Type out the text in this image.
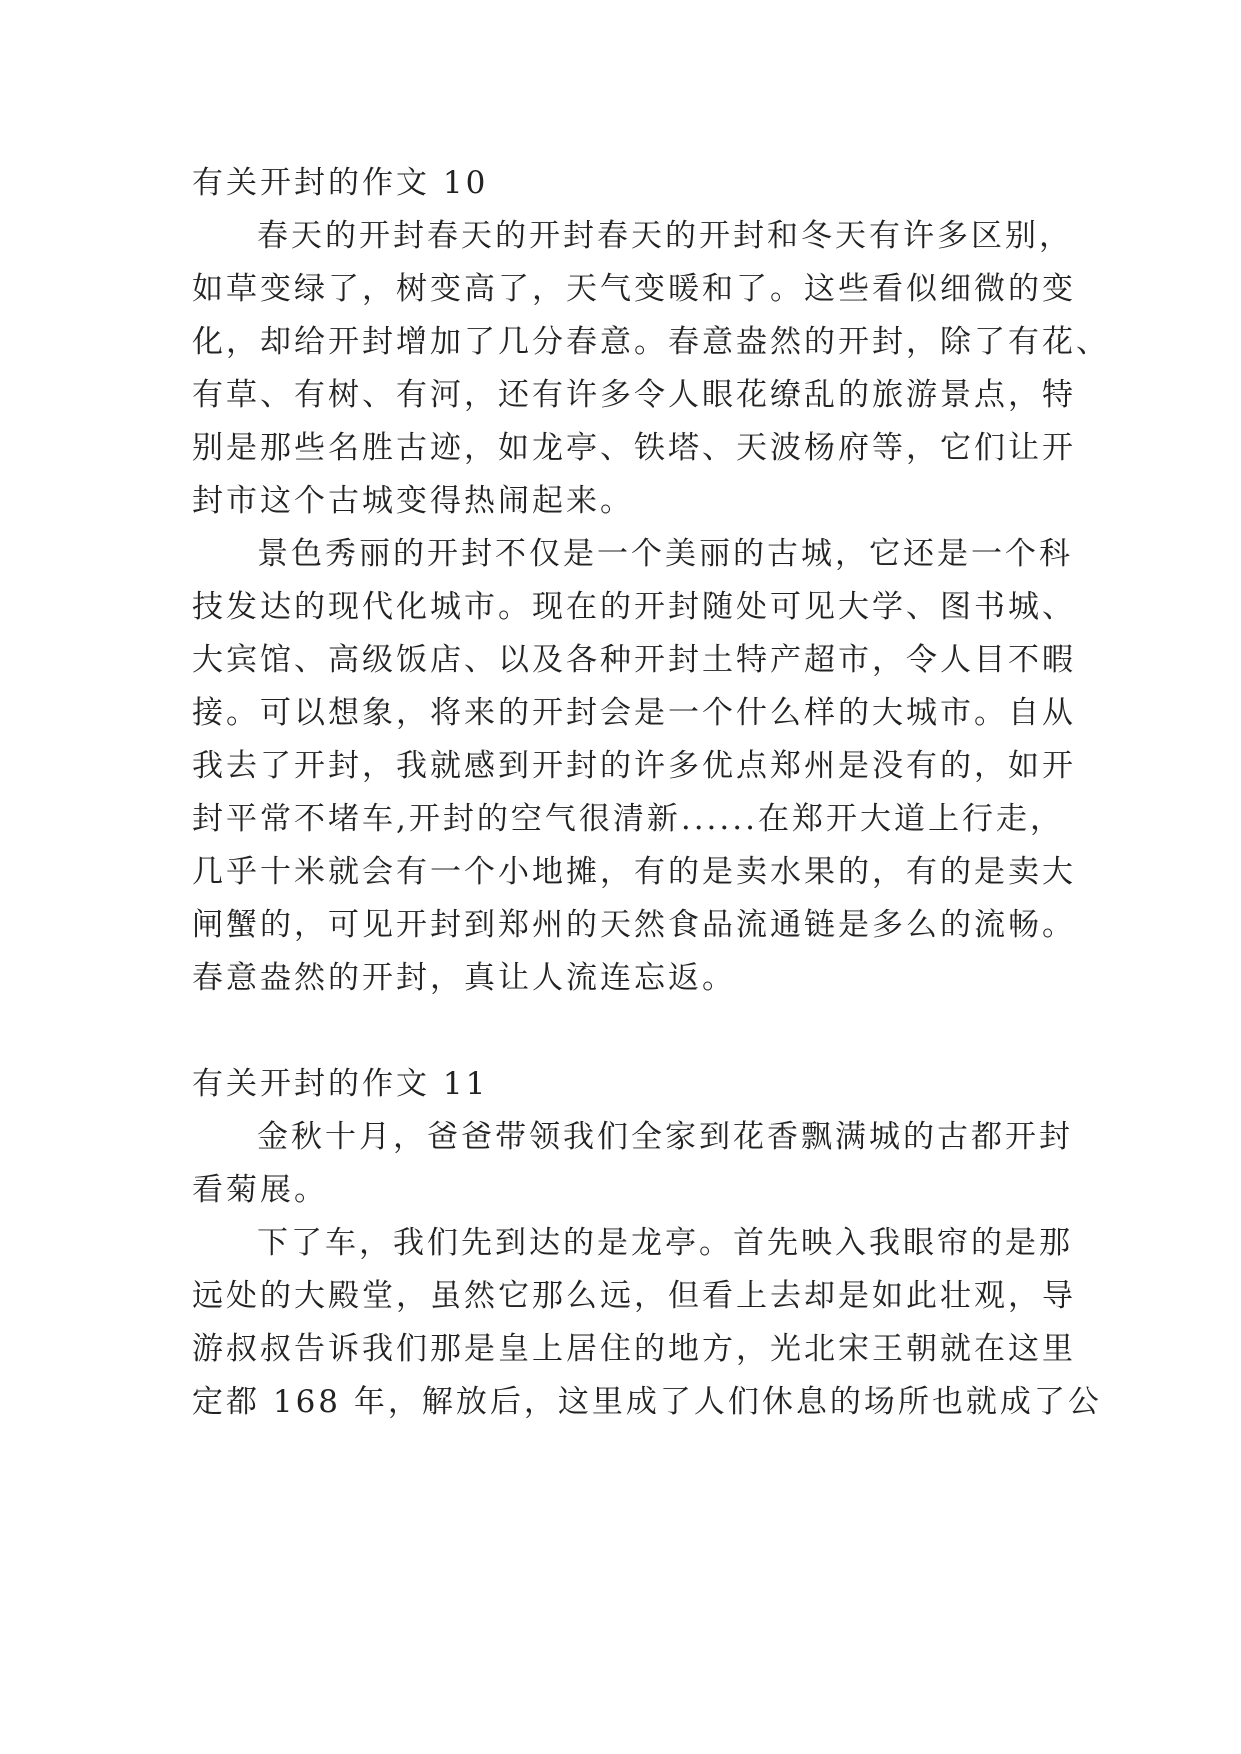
有关开封的作文 10
春天的开封春天的开封春天的开封和冬天有许多区别，
如草变绿了，树变高了，天气变暖和了。这些看似细微的变
化，却给开封增加了几分春意。春意盎然的开封，除了有花、
有草、有树、有河，还有许多令人眼花缭乱的旅游景点，特
别是那些名胜古迹，如龙亭、铁塔、天波杨府等，它们让开
封市这个古城变得热闹起来。
景色秀丽的开封不仅是一个美丽的古城，它还是一个科
技发达的现代化城市。现在的开封随处可见大学、图书城、
大宾馆、高级饭店、以及各种开封土特产超市，令人目不暇
接。可以想象，将来的开封会是一个什么样的大城市。自从
我去了开封，我就感到开封的许多优点郑州是没有的，如开
封平常不堵车,开封的空气很清新......在郑开大道上行走，
几乎十米就会有一个小地摊，有的是卖水果的，有的是卖大
闸蟹的，可见开封到郑州的天然食品流通链是多么的流畅。
春意盎然的开封，真让人流连忘返。
有关开封的作文 11
金秋十月，爸爸带领我们全家到花香飘满城的古都开封
看菊展。
下了车，我们先到达的是龙亭。首先映入我眼帘的是那
远处的大殿堂，虽然它那么远，但看上去却是如此壮观，导
游叔叔告诉我们那是皇上居住的地方，光北宋王朝就在这里
定都 168 年，解放后，这里成了人们休息的场所也就成了公
